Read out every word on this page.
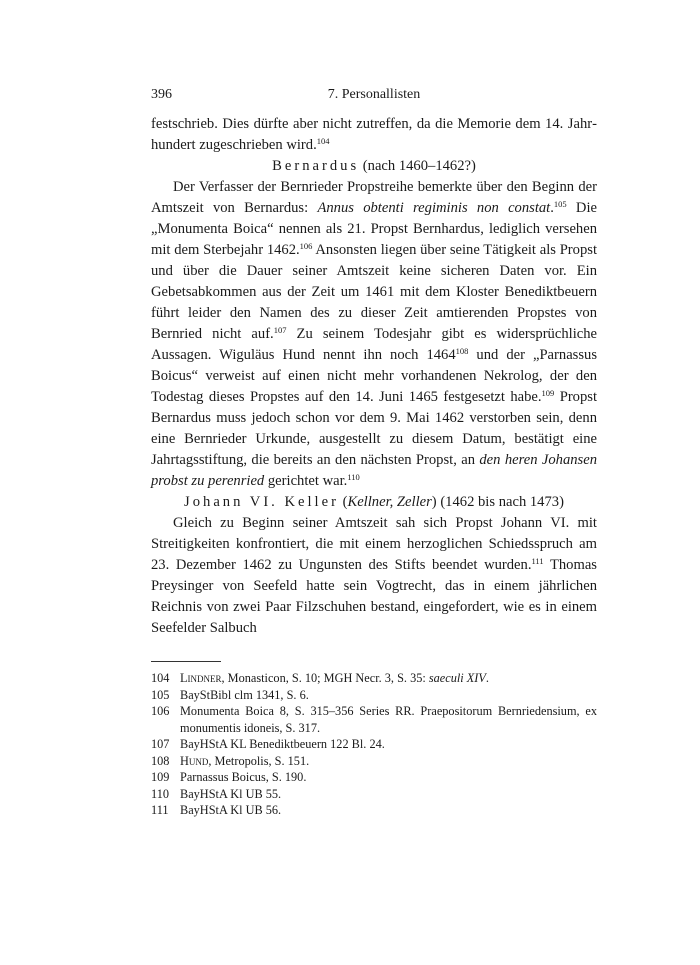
396	7. Personallisten

festschrieb. Dies dürfte aber nicht zutreffen, da die Memorie dem 14. Jahrhundert zugeschrieben wird.$^{104}$

Bernardus (nach 1460–1462?)

Der Verfasser der Bernrieder Propstreihe bemerkte über den Beginn der Amtszeit von Bernardus: Annus obtenti regiminis non constat.$^{105}$ Die „Monumenta Boica“ nennen als 21. Propst Bernhardus, lediglich versehen mit dem Sterbejahr 1462.$^{106}$ Ansonsten liegen über seine Tätigkeit als Propst und über die Dauer seiner Amtszeit keine sicheren Daten vor. Ein Gebetsabkommen aus der Zeit um 1461 mit dem Kloster Benediktbeuern führt leider den Namen des zu dieser Zeit amtierenden Propstes von Bernried nicht auf.$^{107}$ Zu seinem Todesjahr gibt es widersprüchliche Aussagen. Wiguläus Hund nennt ihn noch 1464$^{108}$ und der „Parnassus Boicus“ verweist auf einen nicht mehr vorhandenen Nekrolog, der den Todestag dieses Propstes auf den 14. Juni 1465 festgesetzt habe.$^{109}$ Propst Bernardus muss jedoch schon vor dem 9. Mai 1462 verstorben sein, denn eine Bernrieder Urkunde, ausgestellt zu diesem Datum, bestätigt eine Jahrtagsstiftung, die bereits an den nächsten Propst, an den heren Johansen probst zu perenried gerichtet war.$^{110}$

Johann VI. Keller (Kellner, Zeller) (1462 bis nach 1473)

Gleich zu Beginn seiner Amtszeit sah sich Propst Johann VI. mit Streitigkeiten konfrontiert, die mit einem herzoglichen Schiedsspruch am 23. Dezember 1462 zu Ungunsten des Stifts beendet wurden.$^{111}$ Thomas Preysinger von Seefeld hatte sein Vogtrecht, das in einem jährlichen Reichnis von zwei Paar Filzschuhen bestand, eingefordert, wie es in einem Seefelder Salbuch

104 Lindner, Monasticon, S. 10; MGH Necr. 3, S. 35: saeculi XIV.
105 BayStBibl clm 1341, S. 6.
106 Monumenta Boica 8, S. 315–356 Series RR. Praepositorum Bernriedensium, ex monumentis idoneis, S. 317.
107 BayHStA KL Benediktbeuern 122 Bl. 24.
108 Hund, Metropolis, S. 151.
109 Parnassus Boicus, S. 190.
110 BayHStA Kl UB 55.
111 BayHStA Kl UB 56.
